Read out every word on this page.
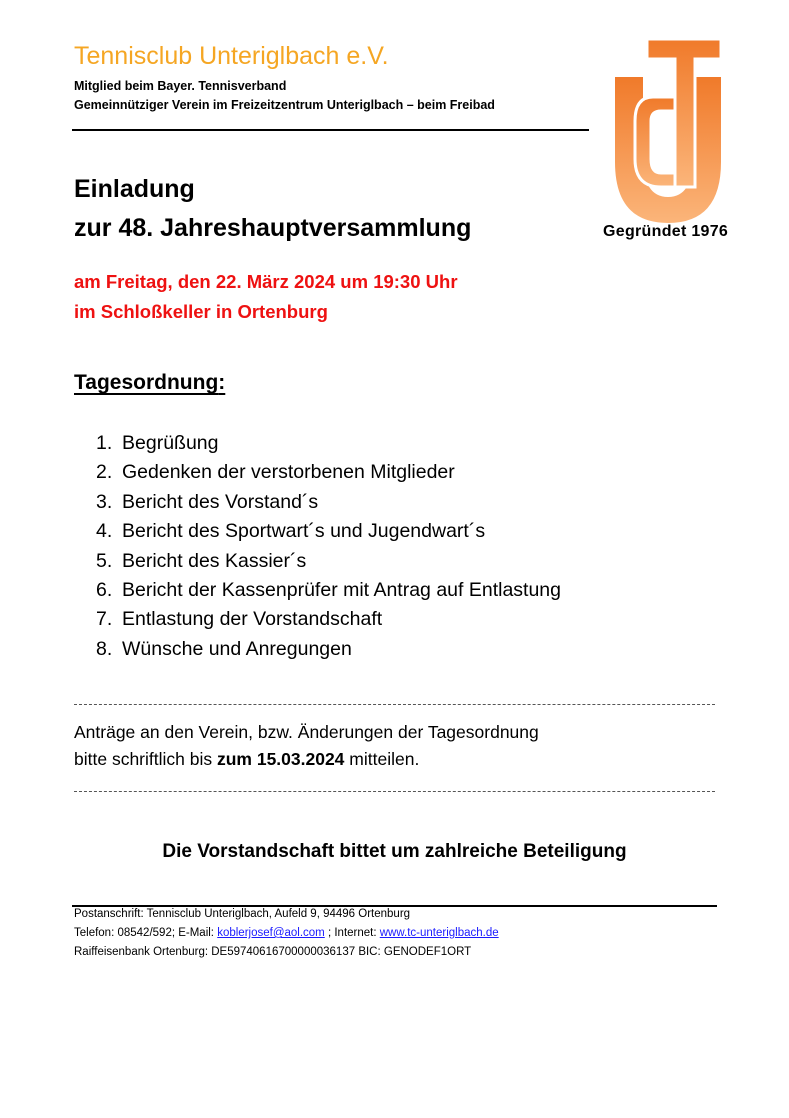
Tennisclub Unteriglbach e.V.
Mitglied beim Bayer. Tennisverband
Gemeinnütziger Verein im Freizeitzentrum Unteriglbach – beim Freibad
Gegründet 1976
Einladung
zur 48. Jahreshauptversammlung
am Freitag, den 22. März 2024 um 19:30 Uhr
im Schloßkeller in Ortenburg
Tagesordnung:
1. Begrüßung
2. Gedenken der verstorbenen Mitglieder
3. Bericht des Vorstand´s
4. Bericht des Sportwart´s und Jugendwart´s
5. Bericht des Kassier´s
6. Bericht der Kassenprüfer mit Antrag auf Entlastung
7. Entlastung der Vorstandschaft
8. Wünsche und Anregungen
Anträge an den Verein, bzw. Änderungen der Tagesordnung
bitte schriftlich bis zum 15.03.2024 mitteilen.
Die Vorstandschaft bittet um zahlreiche Beteiligung
Postanschrift: Tennisclub Unteriglbach, Aufeld 9, 94496 Ortenburg
Telefon: 08542/592; E-Mail: koblerjosef@aol.com ; Internet: www.tc-unteriglbach.de
Raiffeisenbank Ortenburg: DE59740616700000036137 BIC: GENODEF1ORT
